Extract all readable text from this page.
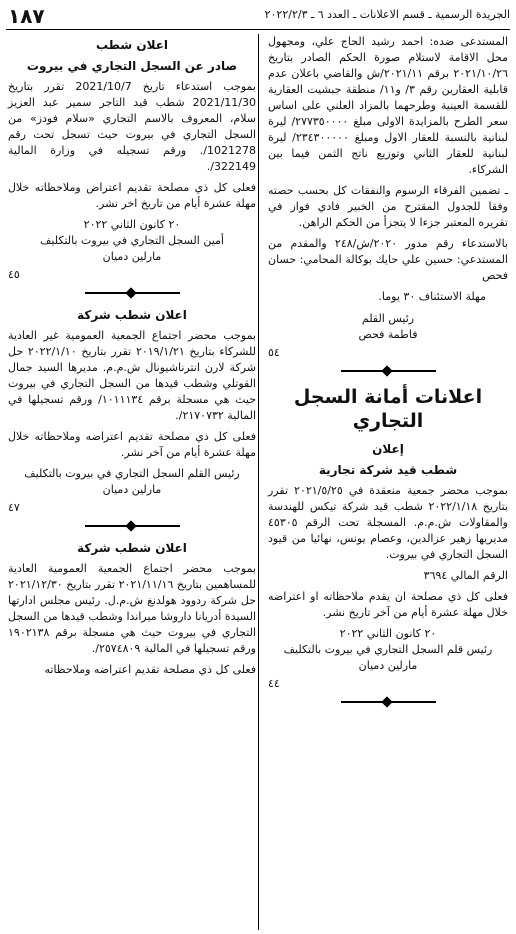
١٨٧	الجريدة الرسمية ـ قسم الاعلانات ـ العدد ٦ ـ ٢٠٢٢/٢/٣

المستدعى ضده: احمد رشيد الحاج علي، ومجهول محل الاقامة لاستلام صورة الحكم الصادر بتاريخ ٢٠٢١/١٠/٢٦ برقم ٢٠٢١/١١/ش والقاضي باعلان عدم قابلية العقارين رقم ٣/ و١١/ منطقة جبشيت العقارية للقسمة العينية وطرحهما بالمزاد العلني على اساس سعر الطرح بالمزايدة الاولى مبلغ ٢٧٧٣٥٠٠٠٠/ ليرة لبنانية بالنسبة للعقار الاول ومبلغ ٢٣٤٣٠٠٠٠٠/ ليرة لبنانية للعقار الثاني وتوزيع ناتج الثمن فيما بين الشركاء.

ـ تضمين الفرقاء الرسوم والنفقات كل بحسب حصته وفقا للجدول المقترح من الخبير فادي فواز في تقريره المعتبر جزءا لا يتجزأ من الحكم الراهن.

بالاستدعاء رقم مدور ٢٠٢٠/ش/٢٤٨ والمقدم من المستدعي: حسين علي حايك بوكالة المحامي: حسان فحص

مهلة الاستئناف ٣٠ يوما.

رئيس القلم

فاطمة فحص

٥٤

اعلانات أمانة السجل التجاري
إعلان
شطب قيد شركة تجارية

بموجب محضر جمعية منعقدة في ٢٠٢١/٥/٢٥ تقرر بتاريخ ٢٠٢٢/١/١٨ شطب قيد شركة تيكس للهندسة والمقاولات ش.م.م. المسجلة تحت الرقم ٤٥٣٠٥ مديريها زهير عزالدين، وعصام يونس، نهائيا من قيود السجل التجاري في بيروت.

الرقم المالي ٣٦٩٤

فعلى كل ذي مصلحة ان يقدم ملاحظاته او اعتراضه خلال مهلة عشرة أيام من آخر تاريخ نشر.

٢٠ كانون الثاني ٢٠٢٢

رئيس قلم السجل التجاري في بيروت بالتكليف

مارلين دميان

٤٤

اعلان شطب
صادر عن السجل التجاري في بيروت

بموجب استدعاء تاريخ 2021/10/7 تقرر بتاريخ 2021/11/30 شطب قيد التاجر سمير عبد العزيز سلام، المعروف بالاسم التجاري «سلام فودز» من السجل التجاري في بيروت حيث تسجل تحت رقم 1021278/. ورقم تسجيله في وزارة المالية 322149/.

فعلى كل ذي مصلحة تقديم اعتراض وملاحظاته خلال مهلة عشرة أيام من تاريخ اخر نشر.

٢٠ كانون الثاني ٢٠٢٢

أمين السجل التجاري في بيروت بالتكليف

مارلين دميان

٤٥

اعلان شطب شركة

بموجب محضر اجتماع الجمعية العمومية غير العادية للشركاء بتاريخ ٢٠١٩/١/٢١ تقرر بتاريخ ٢٠٢٢/١/١٠ حل شركة لارن انترناشيونال ش.م.م. مديرها السيد جمال القوتلي وشطب قيدها من السجل التجاري في بيروت حيث هي مسجلة برقم ١٠١١١٣٤/ ورقم تسجيلها في المالية ٢١٧٠٧٣٢/.

فعلى كل ذي مصلحة تقديم اعتراضه وملاحظاته خلال مهلة عشرة أيام من آخر نشر.

رئيس القلم السجل التجاري في بيروت بالتكليف

مارلين دميان

٤٧

اعلان شطب شركة

بموجب محضر اجتماع الجمعية العمومية العادية للمساهمين بتاريخ ٢٠٢١/١١/١٦ تقرر بتاريخ ٢٠٢١/١٢/٣٠ حل شركة ردوود هولدنغ ش.م.ل. رئيس مجلس ادارتها السيدة أدريانا داروشا ميراندا وشطب قيدها من السجل التجاري في بيروت حيث هي مسجلة برقم ١٩٠٢١٣٨ ورقم تسجيلها في المالية ٢٥٧٤٨٠٩/.

فعلى كل ذي مصلحة تقديم اعتراضه وملاحظاته
